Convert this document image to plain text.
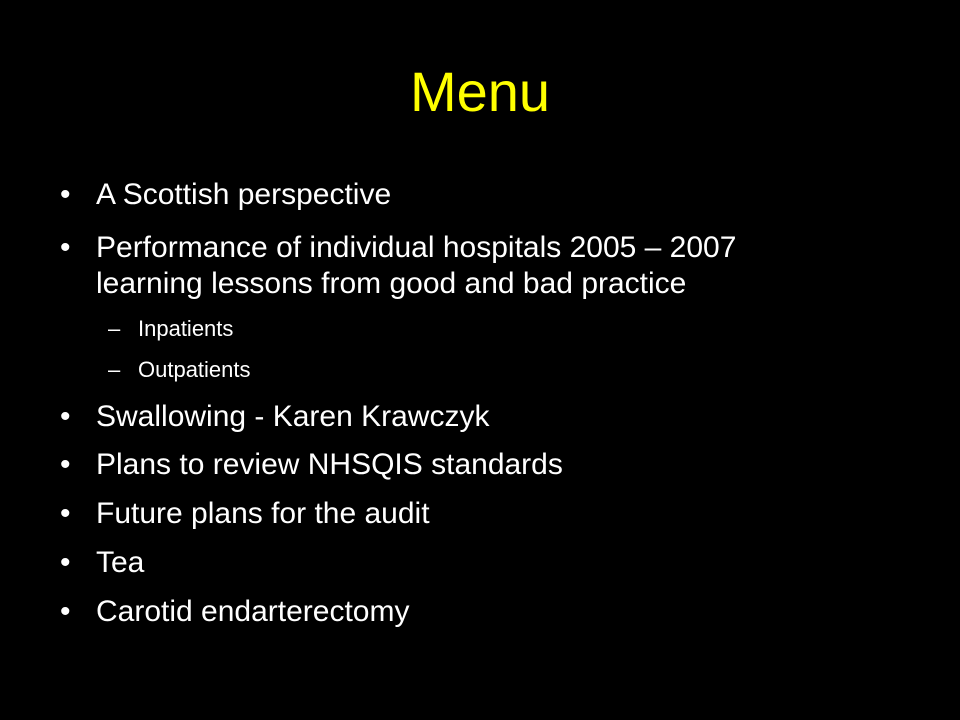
Menu
• A Scottish perspective
• Performance of individual hospitals 2005 – 2007
learning lessons from good and bad practice
– Inpatients
– Outpatients
• Swallowing - Karen Krawczyk
• Plans to review NHSQIS standards
• Future plans for the audit
• Tea
• Carotid endarterectomy
